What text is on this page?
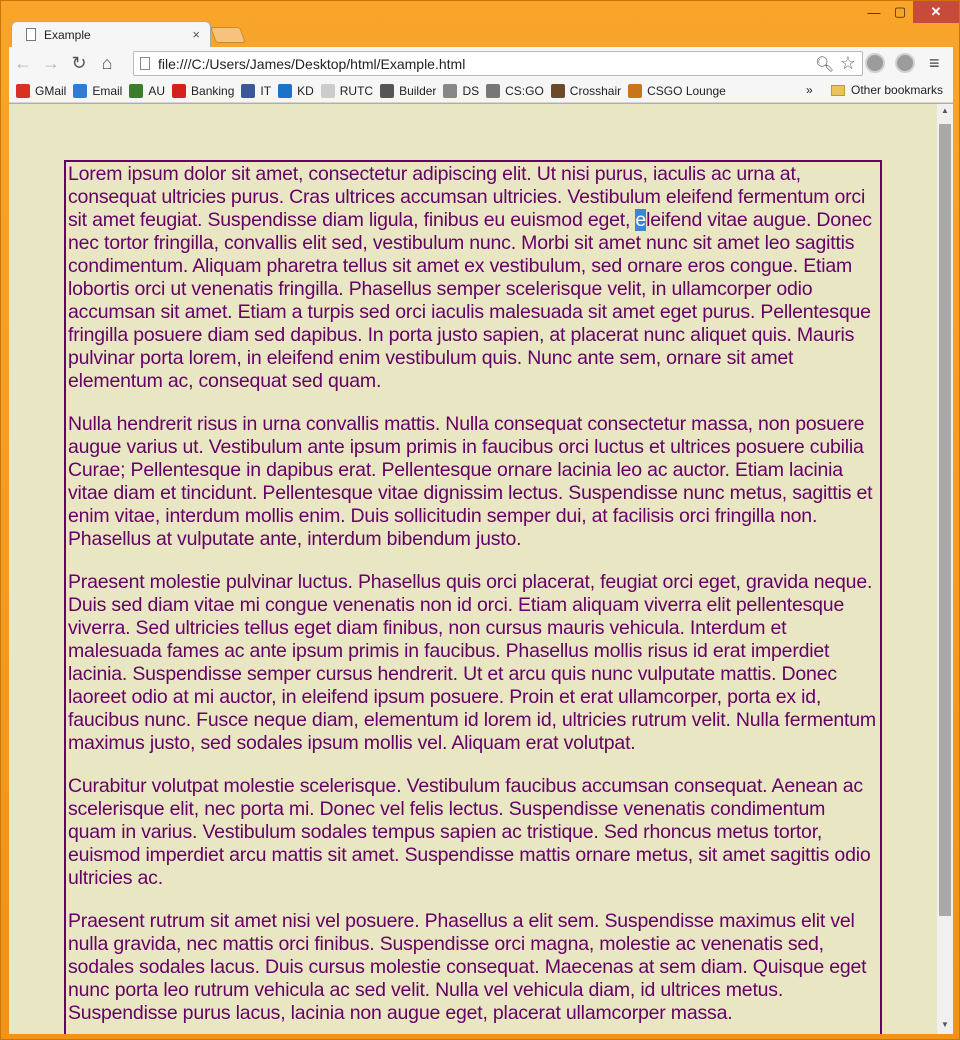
—	▢	✕
Example	×
← → ↻ ⌂	file:///C:/Users/James/Desktop/html/Example.html	🔍︎ ☆	≡
GMail Email AU Banking IT KD RUTC Builder DS CS:GO Crosshair CSGO Lounge	»	Other bookmarks

Lorem ipsum dolor sit amet, consectetur adipiscing elit. Ut nisi purus, iaculis ac urna at, consequat ultricies purus. Cras ultrices accumsan ultricies. Vestibulum eleifend fermentum orci sit amet feugiat. Suspendisse diam ligula, finibus eu euismod eget, eleifend vitae augue. Donec nec tortor fringilla, convallis elit sed, vestibulum nunc. Morbi sit amet nunc sit amet leo sagittis condimentum. Aliquam pharetra tellus sit amet ex vestibulum, sed ornare eros congue. Etiam lobortis orci ut venenatis fringilla. Phasellus semper scelerisque velit, in ullamcorper odio accumsan sit amet. Etiam a turpis sed orci iaculis malesuada sit amet eget purus. Pellentesque fringilla posuere diam sed dapibus. In porta justo sapien, at placerat nunc aliquet quis. Mauris pulvinar porta lorem, in eleifend enim vestibulum quis. Nunc ante sem, ornare sit amet elementum ac, consequat sed quam.

Nulla hendrerit risus in urna convallis mattis. Nulla consequat consectetur massa, non posuere augue varius ut. Vestibulum ante ipsum primis in faucibus orci luctus et ultrices posuere cubilia Curae; Pellentesque in dapibus erat. Pellentesque ornare lacinia leo ac auctor. Etiam lacinia vitae diam et tincidunt. Pellentesque vitae dignissim lectus. Suspendisse nunc metus, sagittis et enim vitae, interdum mollis enim. Duis sollicitudin semper dui, at facilisis orci fringilla non. Phasellus at vulputate ante, interdum bibendum justo.

Praesent molestie pulvinar luctus. Phasellus quis orci placerat, feugiat orci eget, gravida neque. Duis sed diam vitae mi congue venenatis non id orci. Etiam aliquam viverra elit pellentesque viverra. Sed ultricies tellus eget diam finibus, non cursus mauris vehicula. Interdum et malesuada fames ac ante ipsum primis in faucibus. Phasellus mollis risus id erat imperdiet lacinia. Suspendisse semper cursus hendrerit. Ut et arcu quis nunc vulputate mattis. Donec laoreet odio at mi auctor, in eleifend ipsum posuere. Proin et erat ullamcorper, porta ex id, faucibus nunc. Fusce neque diam, elementum id lorem id, ultricies rutrum velit. Nulla fermentum maximus justo, sed sodales ipsum mollis vel. Aliquam erat volutpat.

Curabitur volutpat molestie scelerisque. Vestibulum faucibus accumsan consequat. Aenean ac scelerisque elit, nec porta mi. Donec vel felis lectus. Suspendisse venenatis condimentum quam in varius. Vestibulum sodales tempus sapien ac tristique. Sed rhoncus metus tortor, euismod imperdiet arcu mattis sit amet. Suspendisse mattis ornare metus, sit amet sagittis odio ultricies ac.

Praesent rutrum sit amet nisi vel posuere. Phasellus a elit sem. Suspendisse maximus elit vel nulla gravida, nec mattis orci finibus. Suspendisse orci magna, molestie ac venenatis sed, sodales sodales lacus. Duis cursus molestie consequat. Maecenas at sem diam. Quisque eget nunc porta leo rutrum vehicula ac sed velit. Nulla vel vehicula diam, id ultrices metus. Suspendisse purus lacus, lacinia non augue eget, placerat ullamcorper massa.

▲
▼
